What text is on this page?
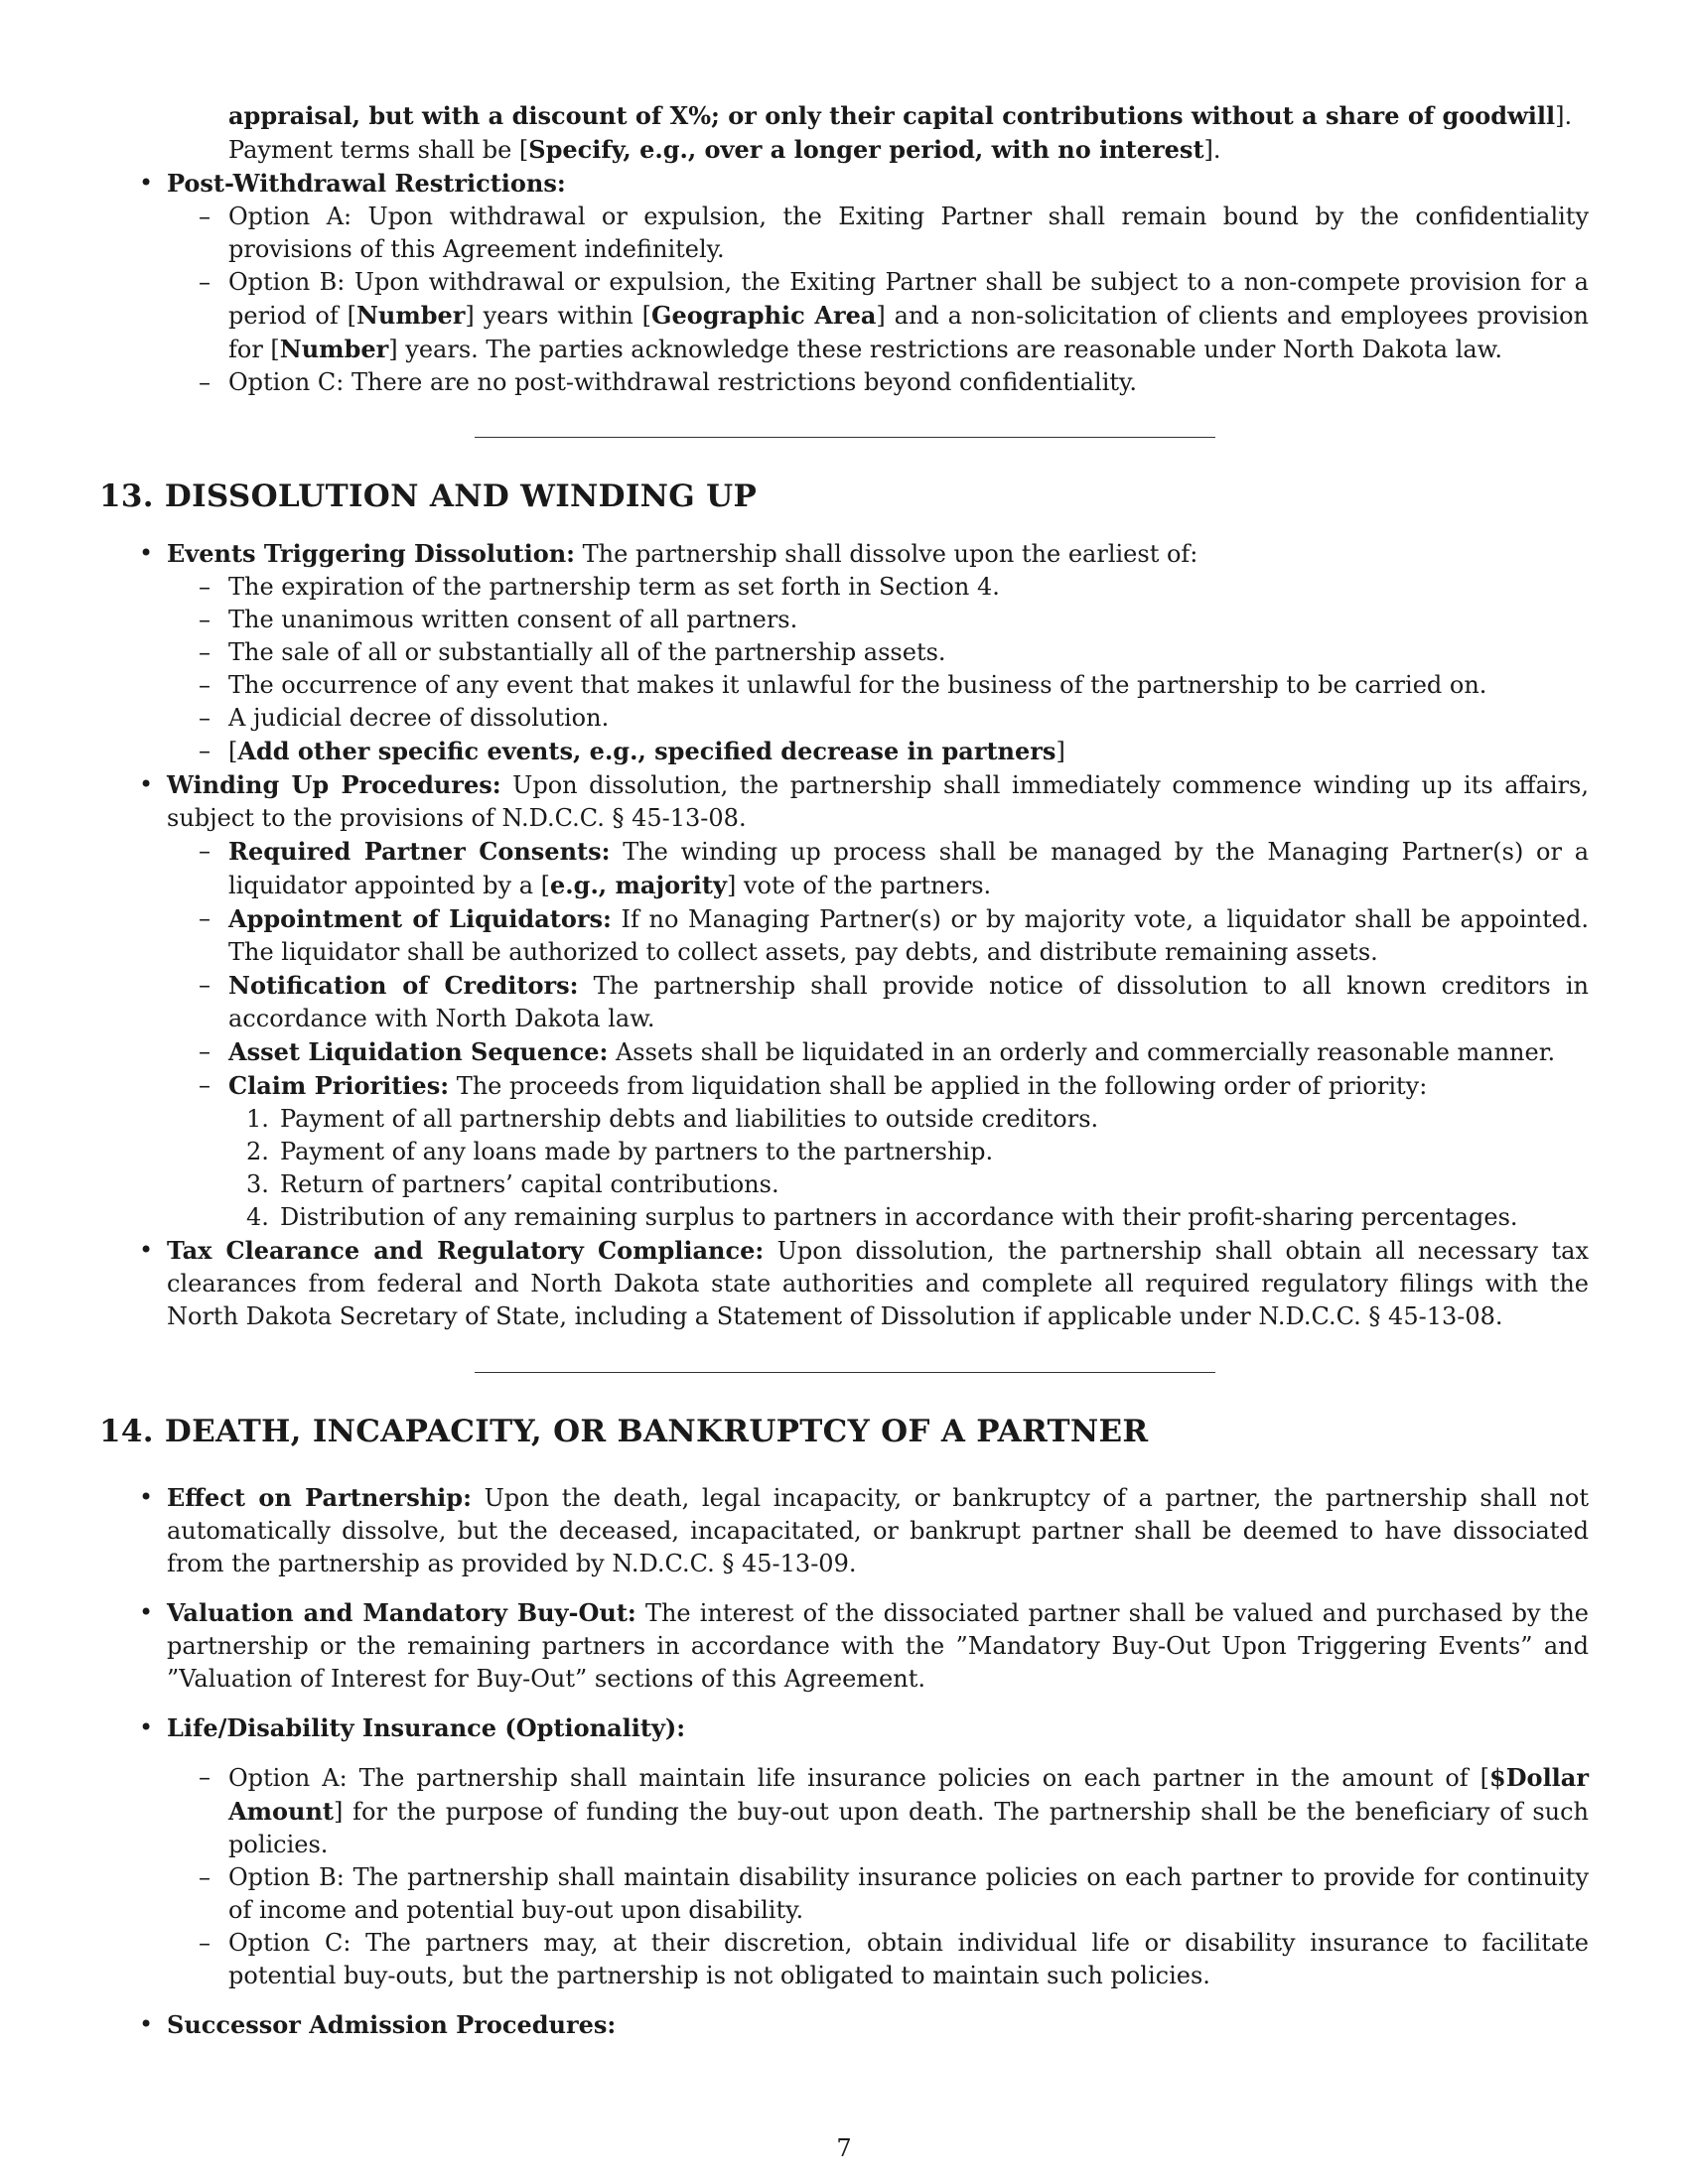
appraisal, but with a discount of X%; or only their capital contributions without a share of goodwill].
Payment terms shall be [Specify, e.g., over a longer period, with no interest].
• Post-Withdrawal Restrictions:
– Option A: Upon withdrawal or expulsion, the Exiting Partner shall remain bound by the confidentiality provisions of this Agreement indefinitely.
– Option B: Upon withdrawal or expulsion, the Exiting Partner shall be subject to a non-compete provision for a period of [Number] years within [Geographic Area] and a non-solicitation of clients and employees provision for [Number] years. The parties acknowledge these restrictions are reasonable under North Dakota law.
– Option C: There are no post-withdrawal restrictions beyond confidentiality.
13. DISSOLUTION AND WINDING UP
• Events Triggering Dissolution: The partnership shall dissolve upon the earliest of:
– The expiration of the partnership term as set forth in Section 4.
– The unanimous written consent of all partners.
– The sale of all or substantially all of the partnership assets.
– The occurrence of any event that makes it unlawful for the business of the partnership to be carried on.
– A judicial decree of dissolution.
– [Add other specific events, e.g., specified decrease in partners]
• Winding Up Procedures: Upon dissolution, the partnership shall immediately commence winding up its affairs, subject to the provisions of N.D.C.C. § 45-13-08.
– Required Partner Consents: The winding up process shall be managed by the Managing Partner(s) or a liquidator appointed by a [e.g., majority] vote of the partners.
– Appointment of Liquidators: If no Managing Partner(s) or by majority vote, a liquidator shall be appointed. The liquidator shall be authorized to collect assets, pay debts, and distribute remaining assets.
– Notification of Creditors: The partnership shall provide notice of dissolution to all known creditors in accordance with North Dakota law.
– Asset Liquidation Sequence: Assets shall be liquidated in an orderly and commercially reasonable manner.
– Claim Priorities: The proceeds from liquidation shall be applied in the following order of priority:
1. Payment of all partnership debts and liabilities to outside creditors.
2. Payment of any loans made by partners to the partnership.
3. Return of partners’ capital contributions.
4. Distribution of any remaining surplus to partners in accordance with their profit-sharing percentages.
• Tax Clearance and Regulatory Compliance: Upon dissolution, the partnership shall obtain all necessary tax clearances from federal and North Dakota state authorities and complete all required regulatory filings with the North Dakota Secretary of State, including a Statement of Dissolution if applicable under N.D.C.C. § 45-13-08.
14. DEATH, INCAPACITY, OR BANKRUPTCY OF A PARTNER
• Effect on Partnership: Upon the death, legal incapacity, or bankruptcy of a partner, the partnership shall not automatically dissolve, but the deceased, incapacitated, or bankrupt partner shall be deemed to have dissociated from the partnership as provided by N.D.C.C. § 45-13-09.
• Valuation and Mandatory Buy-Out: The interest of the dissociated partner shall be valued and purchased by the partnership or the remaining partners in accordance with the ”Mandatory Buy-Out Upon Triggering Events” and ”Valuation of Interest for Buy-Out” sections of this Agreement.
• Life/Disability Insurance (Optionality):
– Option A: The partnership shall maintain life insurance policies on each partner in the amount of [$Dollar Amount] for the purpose of funding the buy-out upon death. The partnership shall be the beneficiary of such policies.
– Option B: The partnership shall maintain disability insurance policies on each partner to provide for continuity of income and potential buy-out upon disability.
– Option C: The partners may, at their discretion, obtain individual life or disability insurance to facilitate potential buy-outs, but the partnership is not obligated to maintain such policies.
• Successor Admission Procedures:
7
